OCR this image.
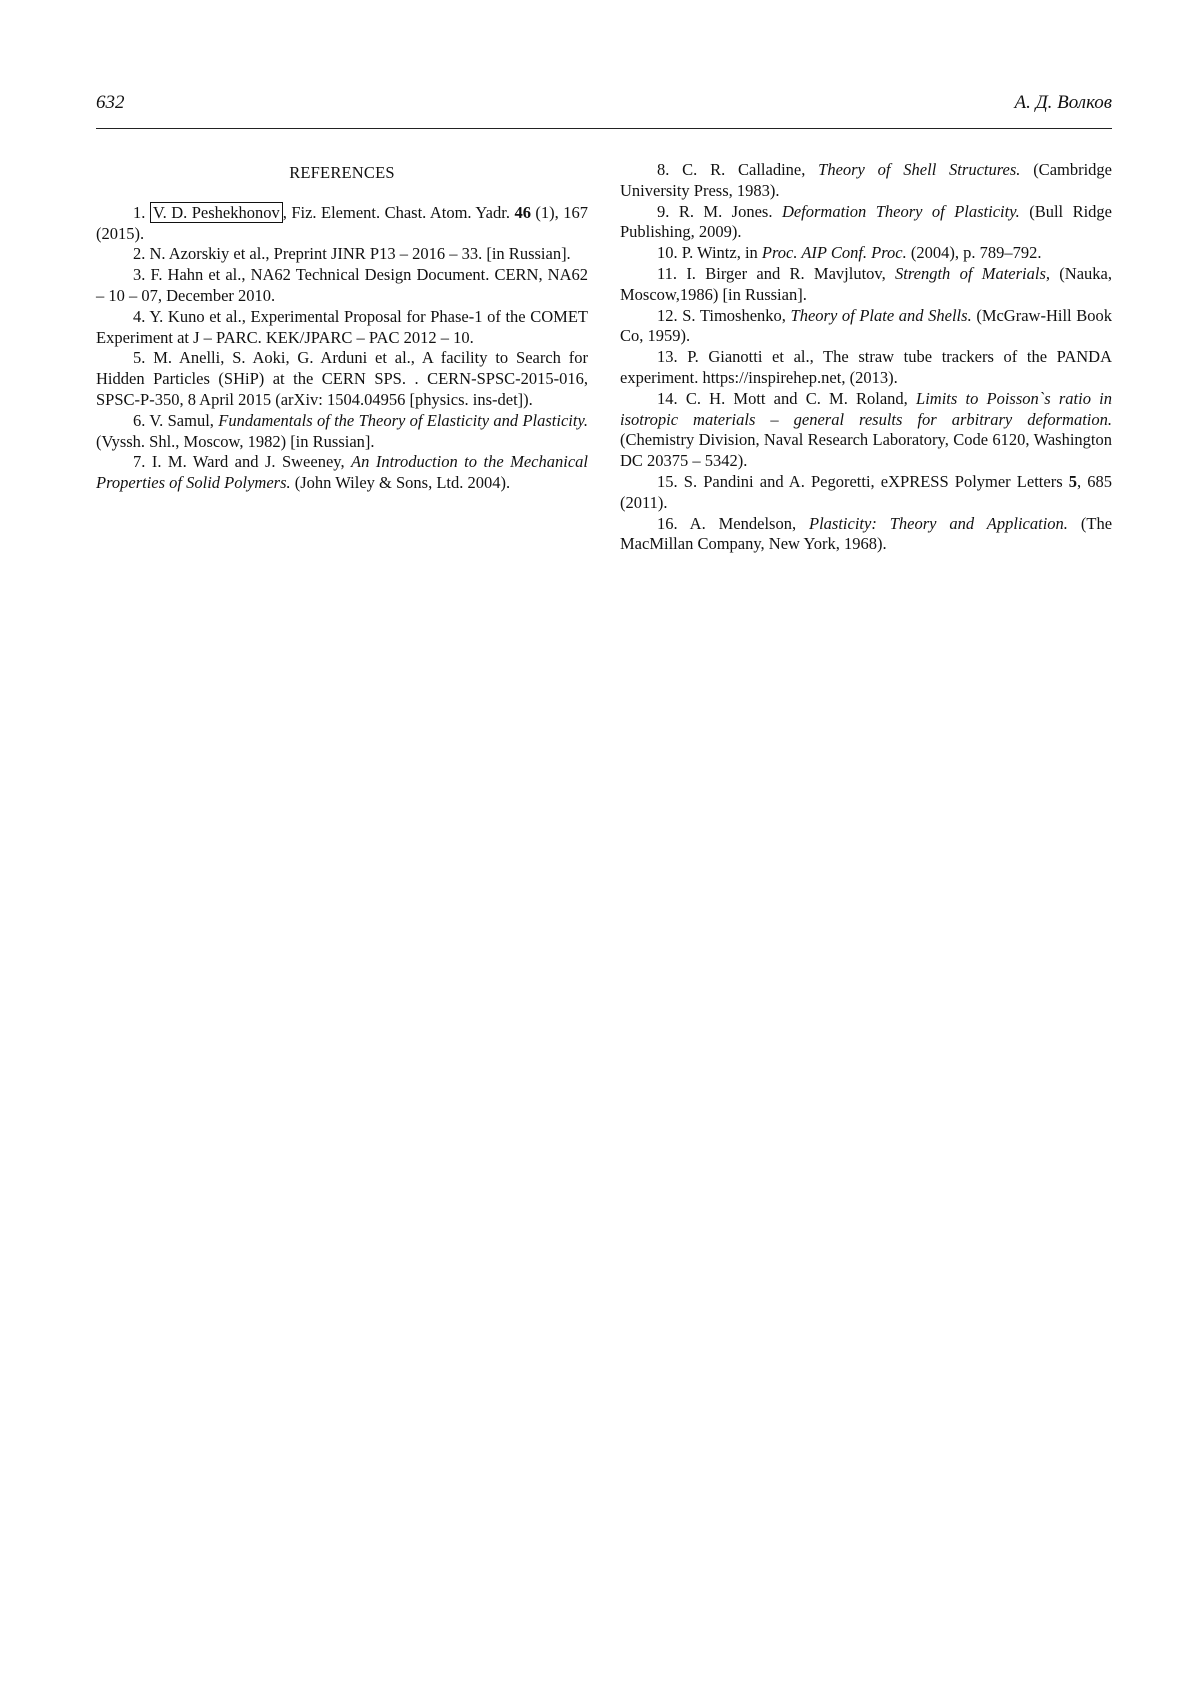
632	А. Д. Волков
REFERENCES

1. V. D. Peshekhonov , Fiz. Element. Chast. Atom. Yadr. 46 (1), 167 (2015).

2. N. Azorskiy et al., Preprint JINR P13 – 2016 – 33. [in Russian].

3. F. Hahn et al., NA62 Technical Design Document. CERN, NA62 – 10 – 07, December 2010.

4. Y. Kuno et al., Experimental Proposal for Phase-1 of the COMET Experiment at J – PARC. KEK/JPARC – PAC 2012 – 10.

5. M. Anelli, S. Aoki, G. Arduni et al., A facility to Search for Hidden Particles (SHiP) at the CERN SPS. . CERN-SPSC-2015-016, SPSC-P-350, 8 April 2015 (arXiv: 1504.04956 [physics. ins-det]).

6. V. Samul, Fundamentals of the Theory of Elasticity and Plasticity. (Vyssh. Shl., Moscow, 1982) [in Russian].

7. I. M. Ward and J. Sweeney, An Introduction to the Mechanical Properties of Solid Polymers. (John Wiley & Sons, Ltd. 2004).

8. C. R. Calladine, Theory of Shell Structures. (Cambridge University Press, 1983).

9. R. M. Jones. Deformation Theory of Plasticity. (Bull Ridge Publishing, 2009).

10. P. Wintz, in Proc. AIP Conf. Proc. (2004), p. 789–792.

11. I. Birger and R. Mavjlutov, Strength of Materials, (Nauka, Moscow,1986) [in Russian].

12. S. Timoshenko, Theory of Plate and Shells. (McGraw-Hill Book Co, 1959).

13. P. Gianotti et al., The straw tube trackers of the PANDA experiment. https://inspirehep.net, (2013).

14. C. H. Mott and C. M. Roland, Limits to Poisson`s ratio in isotropic materials – general results for arbitrary deformation. (Chemistry Division, Naval Research Laboratory, Code 6120, Washington DC 20375 – 5342).

15. S. Pandini and A. Pegoretti, eXPRESS Polymer Letters 5, 685 (2011).

16. A. Mendelson, Plasticity: Theory and Application. (The MacMillan Company, New York, 1968).
